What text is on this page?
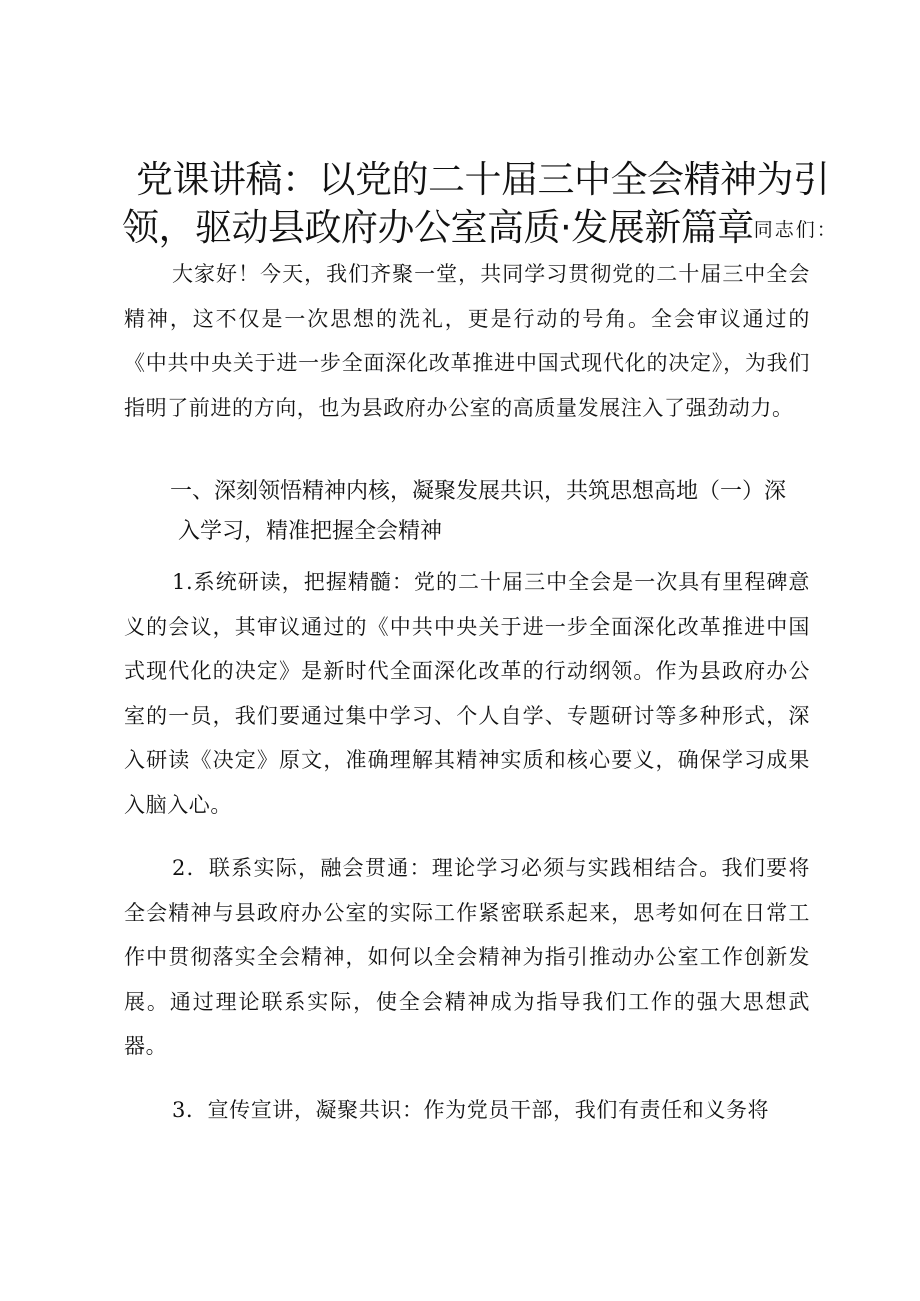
党课讲稿：以党的二十届三中全会精神为引
领，驱动县政府办公室高质·发展新篇章同志们：

大家好！今天，我们齐聚一堂，共同学习贯彻党的二十届三中全会精神，这不仅是一次思想的洗礼，更是行动的号角。全会审议通过的《中共中央关于进一步全面深化改革推进中国式现代化的决定》，为我们指明了前进的方向，也为县政府办公室的高质量发展注入了强劲动力。

一、深刻领悟精神内核，凝聚发展共识，共筑思想高地（一）深
入学习，精准把握全会精神

1.系统研读，把握精髓：党的二十届三中全会是一次具有里程碑意义的会议，其审议通过的《中共中央关于进一步全面深化改革推进中国式现代化的决定》是新时代全面深化改革的行动纲领。作为县政府办公室的一员，我们要通过集中学习、个人自学、专题研讨等多种形式，深入研读《决定》原文，准确理解其精神实质和核心要义，确保学习成果入脑入心。

2．联系实际，融会贯通：理论学习必须与实践相结合。我们要将全会精神与县政府办公室的实际工作紧密联系起来，思考如何在日常工作中贯彻落实全会精神，如何以全会精神为指引推动办公室工作创新发展。通过理论联系实际，使全会精神成为指导我们工作的强大思想武器。

3．宣传宣讲，凝聚共识：作为党员干部，我们有责任和义务将
